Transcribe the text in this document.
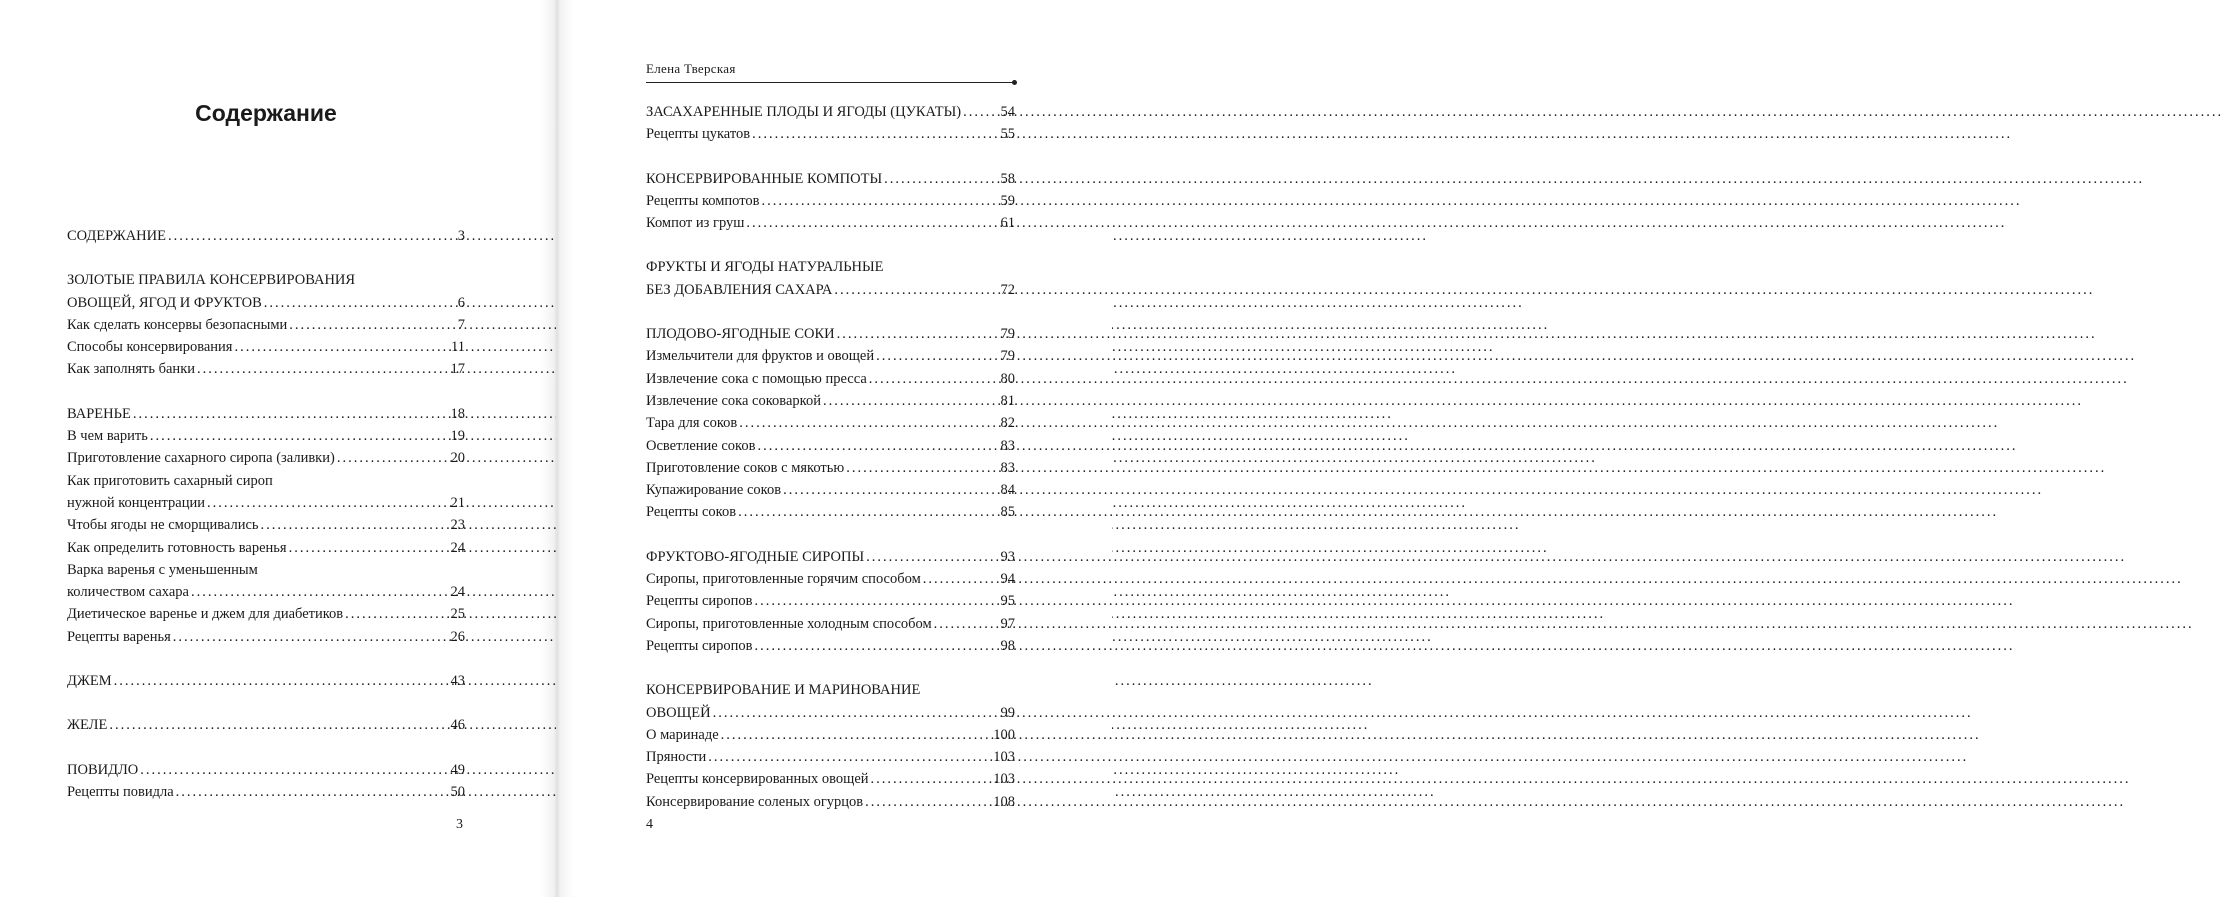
Содержание
СОДЕРЖАНИЕ .....	3
ЗОЛОТЫЕ ПРАВИЛА КОНСЕРВИРОВАНИЯ
ОВОЩЕЙ, ЯГОД И ФРУКТОВ .....	6
Как сделать консервы безопасными .....	7
Способы консервирования .....	11
Как заполнять банки .....	17
ВАРЕНЬЕ .....	18
В чем варить .....	19
Приготовление сахарного сиропа (заливки) .....	20
Как приготовить сахарный сироп
нужной концентрации .....	21
Чтобы ягоды не сморщивались .....	23
Как определить готовность варенья .....	24
Варка варенья с уменьшенным
количеством сахара .....	24
Диетическое варенье и джем для диабетиков .....	25
Рецепты варенья .....	26
ДЖЕМ .....	43
ЖЕЛЕ .....	46
ПОВИДЛО .....	49
Рецепты повидла .....	50
3
Елена Тверская
ЗАСАХАРЕННЫЕ ПЛОДЫ И ЯГОДЫ (ЦУКАТЫ) .....	54
Рецепты цукатов .....	55
КОНСЕРВИРОВАННЫЕ КОМПОТЫ .....	58
Рецепты компотов .....	59
Компот из груш .....	61
ФРУКТЫ И ЯГОДЫ НАТУРАЛЬНЫЕ
БЕЗ ДОБАВЛЕНИЯ САХАРА .....	72
ПЛОДОВО-ЯГОДНЫЕ СОКИ .....	79
Измельчители для фруктов и овощей .....	79
Извлечение сока с помощью пресса .....	80
Извлечение сока соковаркой .....	81
Тара для соков .....	82
Осветление соков .....	83
Приготовление соков с мякотью .....	83
Купажирование соков .....	84
Рецепты соков .....	85
ФРУКТОВО-ЯГОДНЫЕ СИРОПЫ .....	93
Сиропы, приготовленные горячим способом .....	94
Рецепты сиропов .....	95
Сиропы, приготовленные холодным способом .....	97
Рецепты сиропов .....	98
КОНСЕРВИРОВАНИЕ И МАРИНОВАНИЕ
ОВОЩЕЙ .....	99
О маринаде .....	100
Пряности .....	103
Рецепты консервированных овощей .....	103
Консервирование соленых огурцов .....	108
4
